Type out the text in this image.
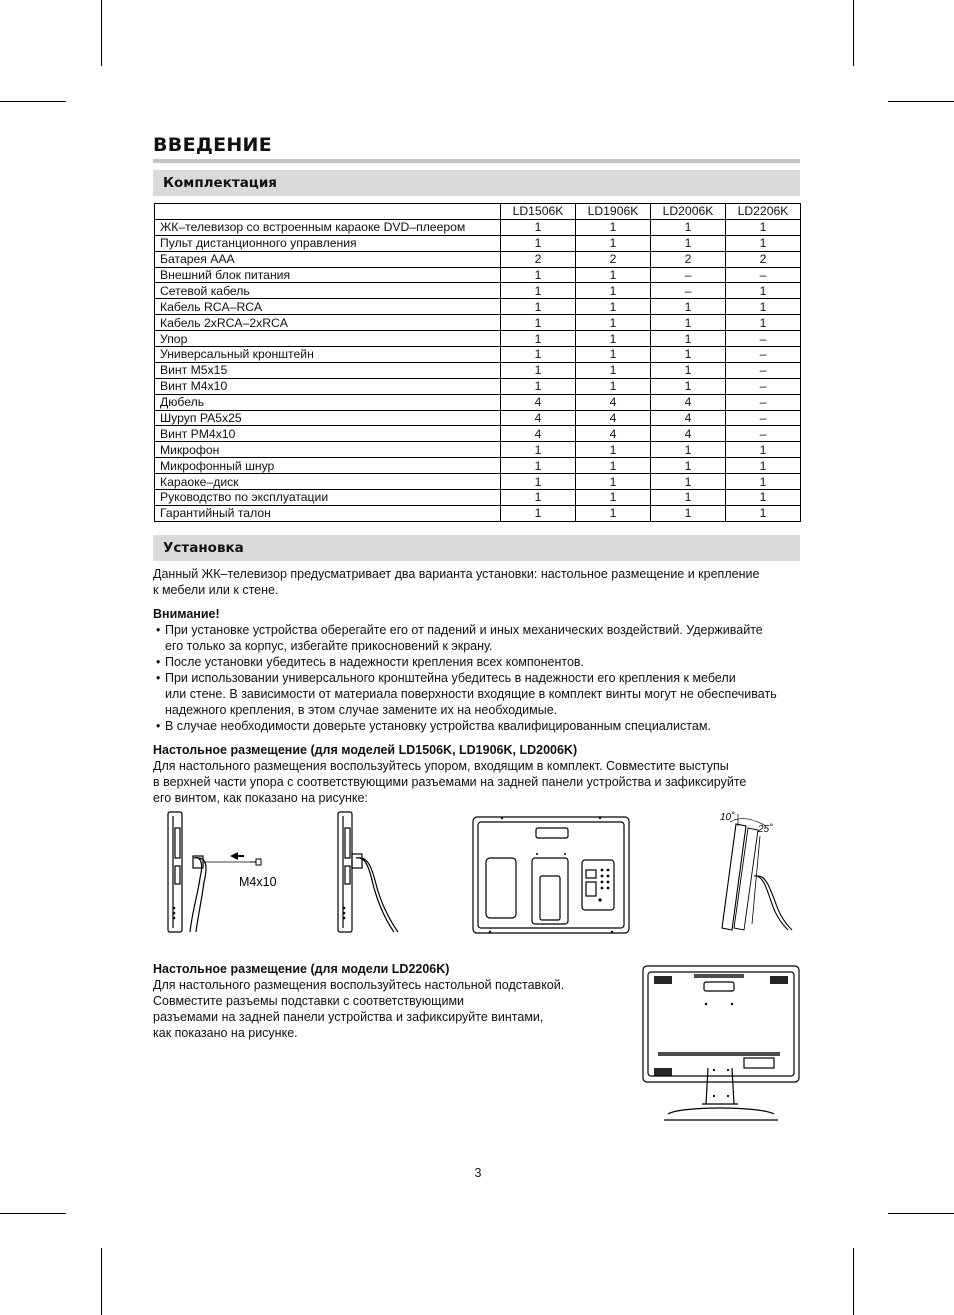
ВВЕДЕНИЕ
Комплектация
	LD1506K	LD1906K	LD2006K	LD2206K
ЖК–телевизор со встроенным караоке DVD–плеером	1	1	1	1
Пульт дистанционного управления	1	1	1	1
Батарея AAA	2	2	2	2
Внешний блок питания	1	1	–	–
Сетевой кабель	1	1	–	1
Кабель RCA–RCA	1	1	1	1
Кабель 2xRCA–2xRCA	1	1	1	1
Упор	1	1	1	–
Универсальный кронштейн	1	1	1	–
Винт M5x15	1	1	1	–
Винт M4x10	1	1	1	–
Дюбель	4	4	4	–
Шуруп PA5x25	4	4	4	–
Винт PM4x10	4	4	4	–
Микрофон	1	1	1	1
Микрофонный шнур	1	1	1	1
Караоке–диск	1	1	1	1
Руководство по эксплуатации	1	1	1	1
Гарантийный талон	1	1	1	1
Установка

Данный ЖК–телевизор предусматривает два варианта установки: настольное размещение и крепление

к мебели или к стене.

Внимание!

• При установке устройства оберегайте его от падений и иных механических воздействий. Удерживайте
его только за корпус, избегайте прикосновений к экрану.
• После установки убедитесь в надежности крепления всех компонентов.
• При использовании универсального кронштейна убедитесь в надежности его крепления к мебели
или стене. В зависимости от материала поверхности входящие в комплект винты могут не обеспечивать
надежного крепления, в этом случае замените их на необходимые.
• В случае необходимости доверьте установку устройства квалифицированным специалистам.

Настольное размещение (для моделей LD1506K, LD1906K, LD2006K)

Для настольного размещения воспользуйтесь упором, входящим в комплект. Совместите выступы

в верхней части упора с соответствующими разъемами на задней панели устройства и зафиксируйте

его винтом, как показано на рисунке:

M4x10
10˚
25˚

Настольное размещение (для модели LD2206K)

Для настольного размещения воспользуйтесь настольной подставкой.

Совместите разъемы подставки с соответствующими

разъемами на задней панели устройства и зафиксируйте винтами,

как показано на рисунке.

3
